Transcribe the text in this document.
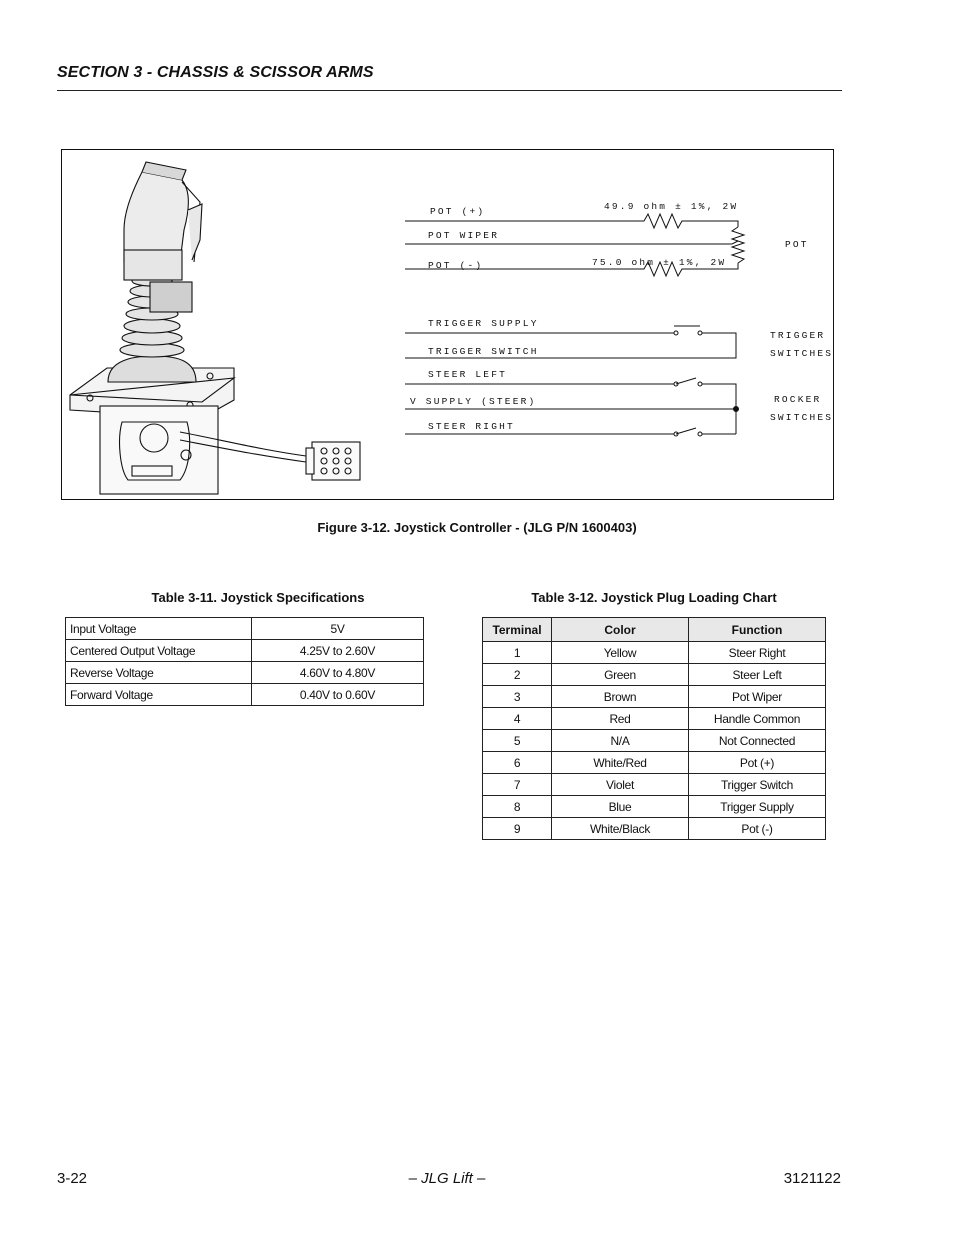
SECTION 3 - CHASSIS & SCISSOR ARMS
POT (+)
POT WIPER
POT (-)
49.9 ohm ± 1%, 2W
75.0 ohm ± 1%, 2W
POT
TRIGGER SUPPLY
TRIGGER SWITCH
TRIGGER
SWITCHES
STEER LEFT
V SUPPLY (STEER)
STEER RIGHT
ROCKER
SWITCHES
Figure 3-12. Joystick Controller - (JLG P/N 1600403)
Table 3-11. Joystick Specifications
Input Voltage	5V
Centered Output Voltage	4.25V to 2.60V
Reverse Voltage	4.60V to 4.80V
Forward Voltage	0.40V to 0.60V
Table 3-12. Joystick Plug Loading Chart
Terminal	Color	Function
1	Yellow	Steer Right
2	Green	Steer Left
3	Brown	Pot Wiper
4	Red	Handle Common
5	N/A	Not Connected
6	White/Red	Pot (+)
7	Violet	Trigger Switch
8	Blue	Trigger Supply
9	White/Black	Pot (-)
3-22	– JLG Lift –	3121122
